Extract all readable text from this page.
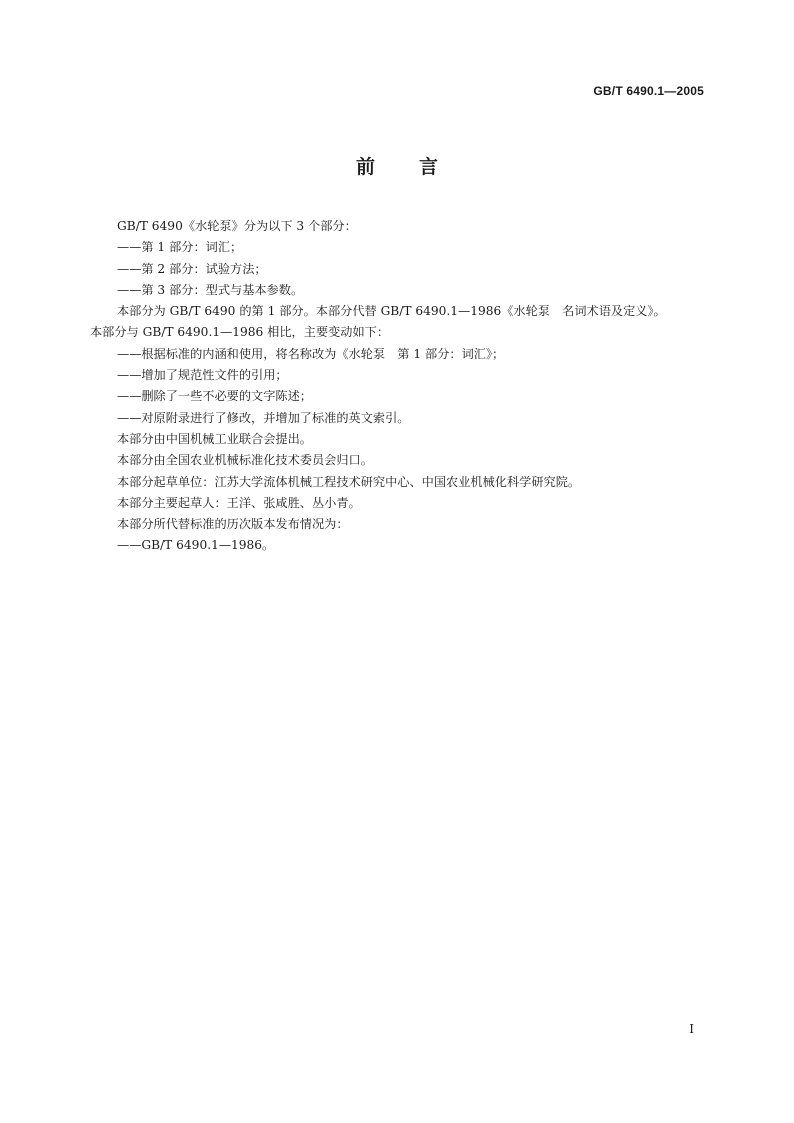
GB/T 6490.1—2005
前言
GB/T 6490《水轮泵》分为以下 3 个部分：
——第 1 部分：词汇；
——第 2 部分：试验方法；
——第 3 部分：型式与基本参数。
本部分为 GB/T 6490 的第 1 部分。本部分代替 GB/T 6490.1—1986《水轮泵　名词术语及定义》。
本部分与 GB/T 6490.1—1986 相比，主要变动如下：
——根据标准的内涵和使用，将名称改为《水轮泵　第 1 部分：词汇》；
——增加了规范性文件的引用；
——删除了一些不必要的文字陈述；
——对原附录进行了修改，并增加了标准的英文索引。
本部分由中国机械工业联合会提出。
本部分由全国农业机械标准化技术委员会归口。
本部分起草单位：江苏大学流体机械工程技术研究中心、中国农业机械化科学研究院。
本部分主要起草人：王洋、张咸胜、丛小青。
本部分所代替标准的历次版本发布情况为：
——GB/T 6490.1—1986。
I
